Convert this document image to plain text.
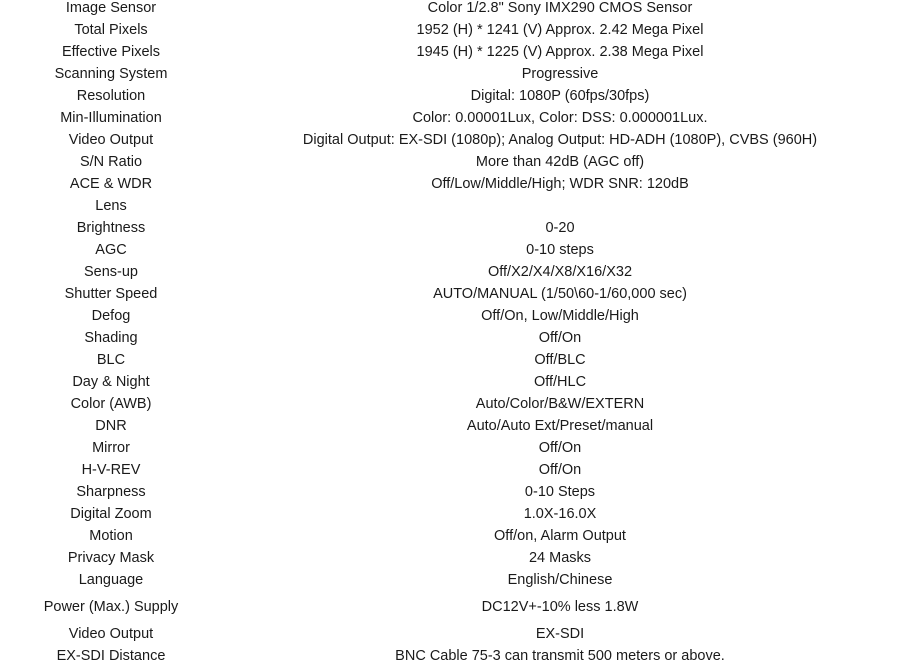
Image Sensor	Color 1/2.8" Sony IMX290 CMOS Sensor
Total Pixels	1952 (H) * 1241 (V) Approx. 2.42 Mega Pixel
Effective Pixels	1945 (H) * 1225 (V) Approx. 2.38 Mega Pixel
Scanning System	Progressive
Resolution	Digital: 1080P (60fps/30fps)
Min-Illumination	Color: 0.00001Lux, Color: DSS: 0.000001Lux.
Video Output	Digital Output: EX-SDI (1080p); Analog Output: HD-ADH (1080P), CVBS (960H)
S/N Ratio	More than 42dB (AGC off)
ACE & WDR	Off/Low/Middle/High; WDR SNR: 120dB
Lens
Brightness	0-20
AGC	0-10 steps
Sens-up	Off/X2/X4/X8/X16/X32
Shutter Speed	AUTO/MANUAL (1/50\60-1/60,000 sec)
Defog	Off/On, Low/Middle/High
Shading	Off/On
BLC	Off/BLC
Day & Night	Off/HLC
Color (AWB)	Auto/Color/B&W/EXTERN
DNR	Auto/Auto Ext/Preset/manual
Mirror	Off/On
H-V-REV	Off/On
Sharpness	0-10 Steps
Digital Zoom	1.0X-16.0X
Motion	Off/on, Alarm Output
Privacy Mask	24 Masks
Language	English/Chinese
Power (Max.) Supply	DC12V+-10% less 1.8W
Video Output	EX-SDI
EX-SDI Distance	BNC Cable 75-3 can transmit 500 meters or above.
